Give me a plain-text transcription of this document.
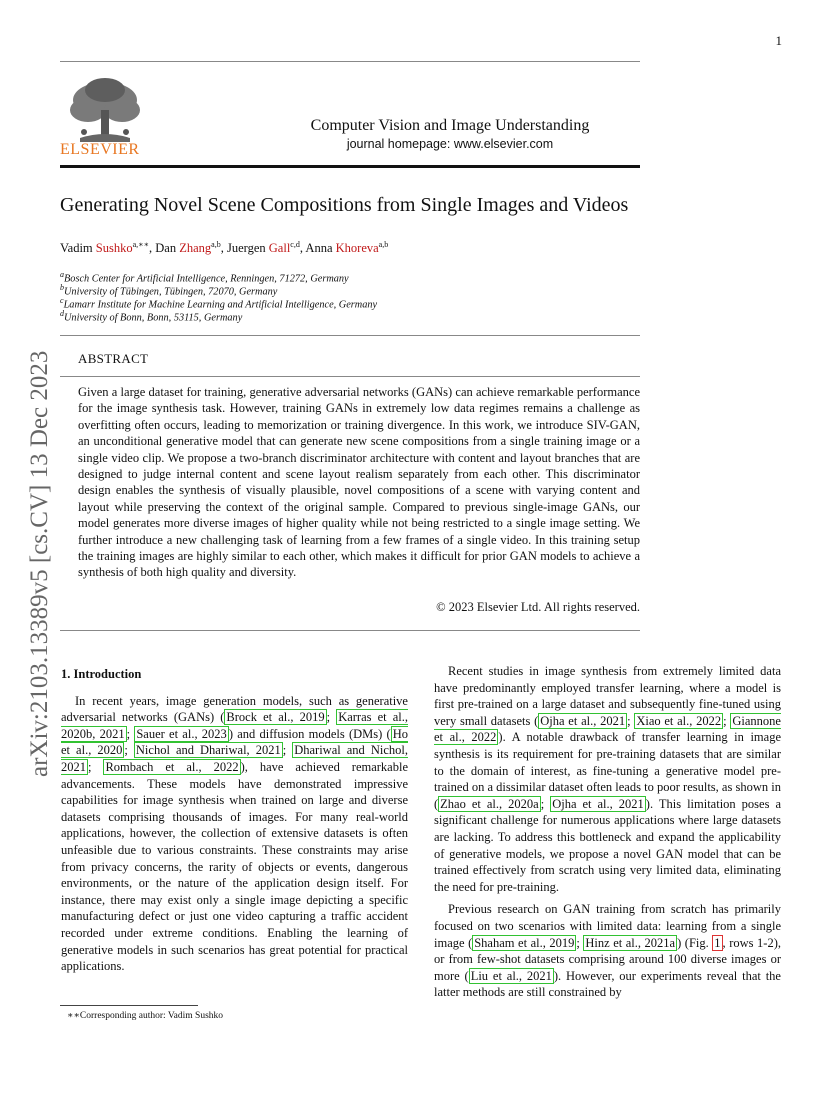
1
ELSEVIER
Computer Vision and Image Understanding
journal homepage: www.elsevier.com
arXiv:2103.13389v5 [cs.CV] 13 Dec 2023
Generating Novel Scene Compositions from Single Images and Videos
Vadim Sushko$^{a,∗∗}$, Dan Zhang$^{a,b}$, Juergen Gall$^{c,d}$, Anna Khoreva$^{a,b}$
$^a$Bosch Center for Artificial Intelligence, Renningen, 71272, Germany
$^b$University of Tübingen, Tübingen, 72070, Germany
$^c$Lamarr Institute for Machine Learning and Artificial Intelligence, Germany
$^d$University of Bonn, Bonn, 53115, Germany
ABSTRACT
Given a large dataset for training, generative adversarial networks (GANs) can achieve remarkable performance for the image synthesis task. However, training GANs in extremely low data regimes remains a challenge as overfitting often occurs, leading to memorization or training divergence. In this work, we introduce SIV-GAN, an unconditional generative model that can generate new scene compositions from a single training image or a single video clip. We propose a two-branch discriminator architecture with content and layout branches that are designed to judge internal content and scene layout realism separately from each other. This discriminator design enables the synthesis of visually plausible, novel compositions of a scene with varying content and layout while preserving the context of the original sample. Compared to previous single-image GANs, our model generates more diverse images of higher quality while not being restricted to a single image setting. We further introduce a new challenging task of learning from a few frames of a single video. In this training setup the training images are highly similar to each other, which makes it difficult for prior GAN models to achieve a synthesis of both high quality and diversity.
© 2023 Elsevier Ltd. All rights reserved.
1. Introduction

In recent years, image generation models, such as generative adversarial networks (GANs) ( Brock et al., 2019 ; Karras et al., 2020b, 2021 ; Sauer et al., 2023 ) and diffusion models (DMs) ( Ho et al., 2020 ; Nichol and Dhariwal, 2021 ; Dhariwal and Nichol, 2021 ; Rombach et al., 2022 ), have achieved remarkable advancements. These models have demonstrated impressive capabilities for image synthesis when trained on large and diverse datasets comprising thousands of images. For many real-world applications, however, the collection of extensive datasets is often unfeasible due to various constraints. These constraints may arise from privacy concerns, the rarity of objects or events, dangerous environments, or the nature of the application design itself. For instance, there may exist only a single image depicting a specific manufacturing defect or just one video capturing a traffic accident recorded under extreme conditions. Enabling the learning of generative models in such scenarios has great potential for practical applications.

Recent studies in image synthesis from extremely limited data have predominantly employed transfer learning, where a model is first pre-trained on a large dataset and subsequently fine-tuned using very small datasets ( Ojha et al., 2021 ; Xiao et al., 2022 ; Giannone et al., 2022 ). A notable drawback of transfer learning in image synthesis is its requirement for pre-training datasets that are similar to the domain of interest, as fine-tuning a generative model pre-trained on a dissimilar dataset often leads to poor results, as shown in ( Zhao et al., 2020a ; Ojha et al., 2021 ). This limitation poses a significant challenge for numerous applications where large datasets are lacking. To address this bottleneck and expand the applicability of generative models, we propose a novel GAN model that can be trained effectively from scratch using very limited data, eliminating the need for pre-training.

Previous research on GAN training from scratch has primarily focused on two scenarios with limited data: learning from a single image ( Shaham et al., 2019 ; Hinz et al., 2021a ) (Fig. 1 , rows 1-2), or from few-shot datasets comprising around 100 diverse images or more ( Liu et al., 2021 ). However, our experiments reveal that the latter methods are still constrained by

∗∗Corresponding author: Vadim Sushko
